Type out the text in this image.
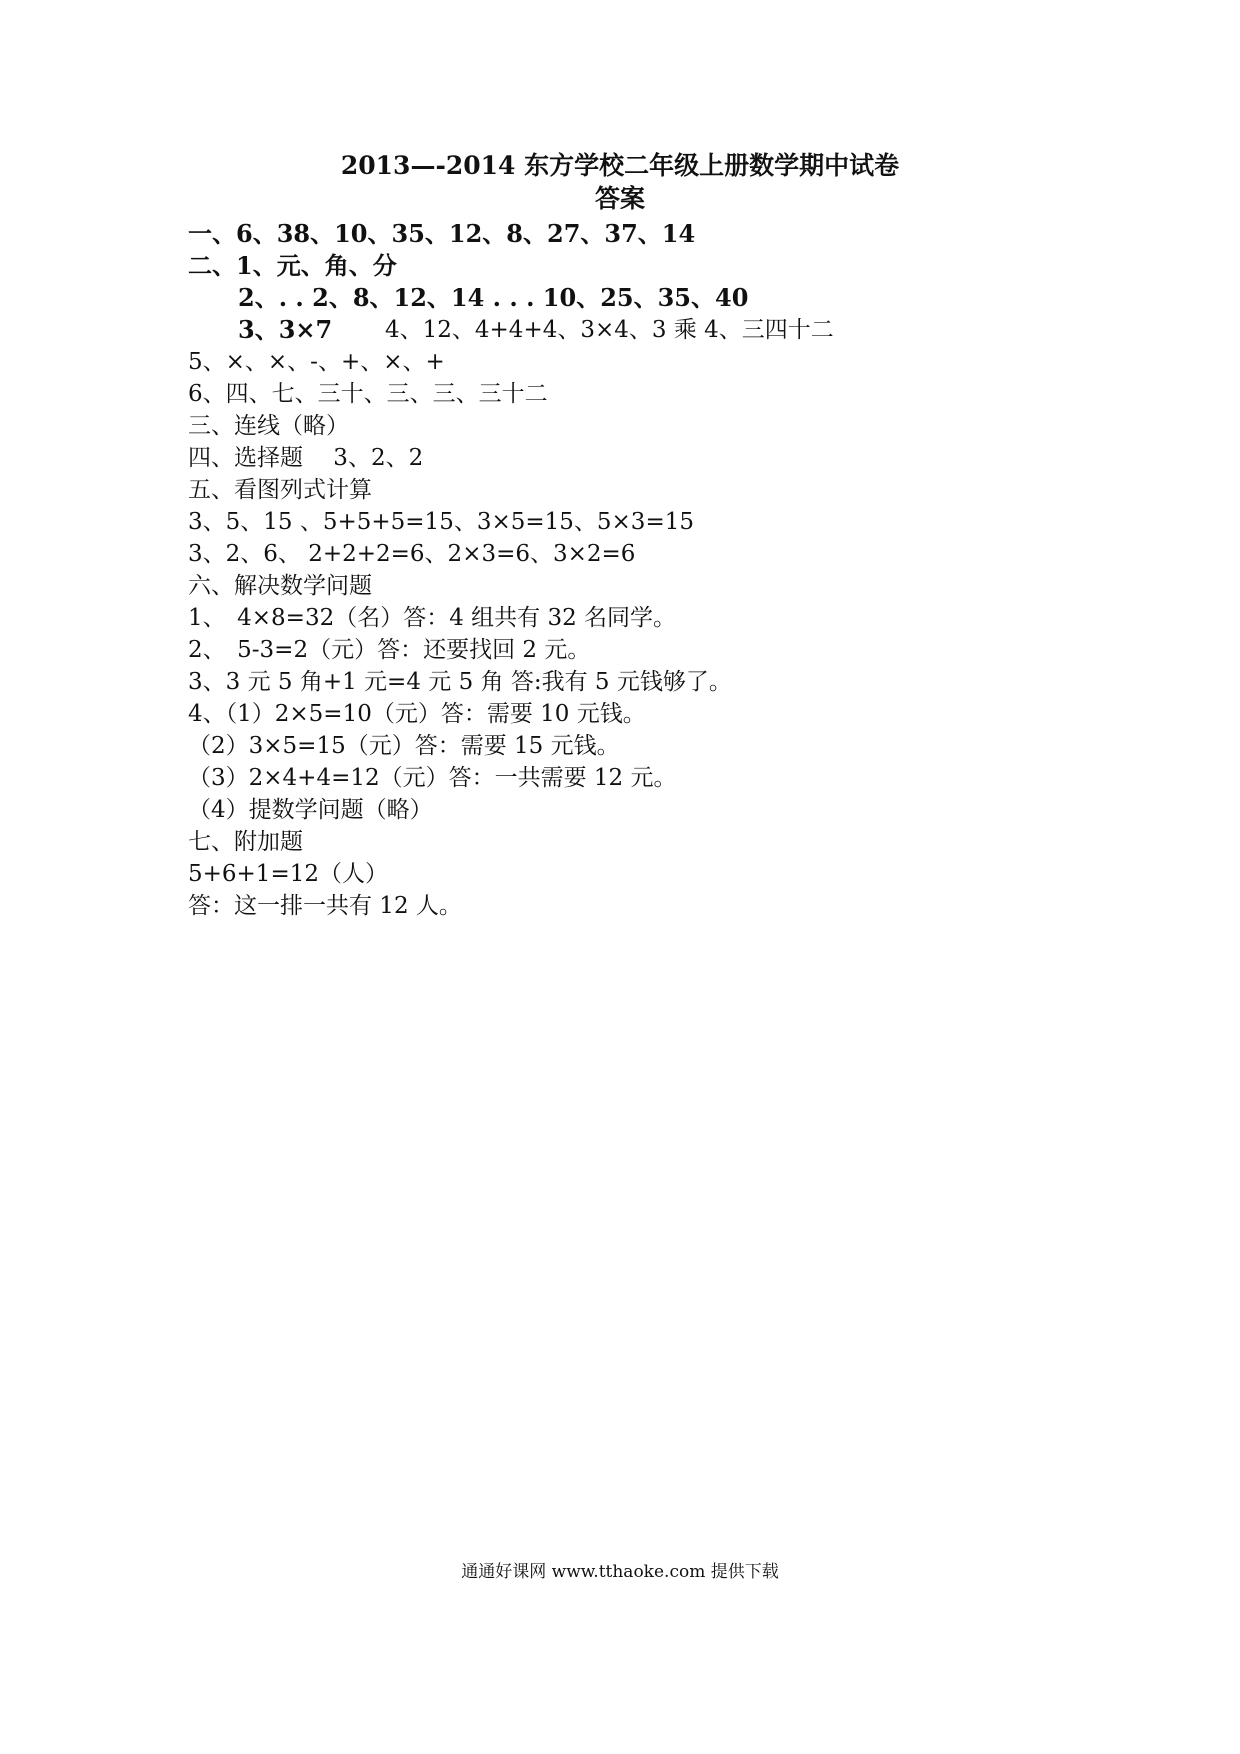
2013—-2014 东方学校二年级上册数学期中试卷
答案
一、6、38、10、35、12、8、27、37、14
二、1、元、角、分
2、. . 2、8、12、14 . . . 10、25、35、40
3、3×7 4、12、4+4+4、3×4、3 乘 4、三四十二
5、×、×、-、+、×、+
6、四、七、三十、三、三、三十二
三、连线（略）
四、选择题　 3、2、2
五、看图列式计算
3、5、15 、5+5+5=15、3×5=15、5×3=15
3、2、6、 2+2+2=6、2×3=6、3×2=6
六、解决数学问题
1、　4×8=32（名）答：4 组共有 32 名同学。
2、　5-3=2（元）答：还要找回 2 元。
3、3 元 5 角+1 元=4 元 5 角 答:我有 5 元钱够了。
4、（1）2×5=10（元）答：需要 10 元钱。
（2）3×5=15（元）答：需要 15 元钱。
（3）2×4+4=12（元）答：一共需要 12 元。
（4）提数学问题（略）
七、附加题
5+6+1=12（人）
答：这一排一共有 12 人。
通通好课网 www.tthaoke.com 提供下载
